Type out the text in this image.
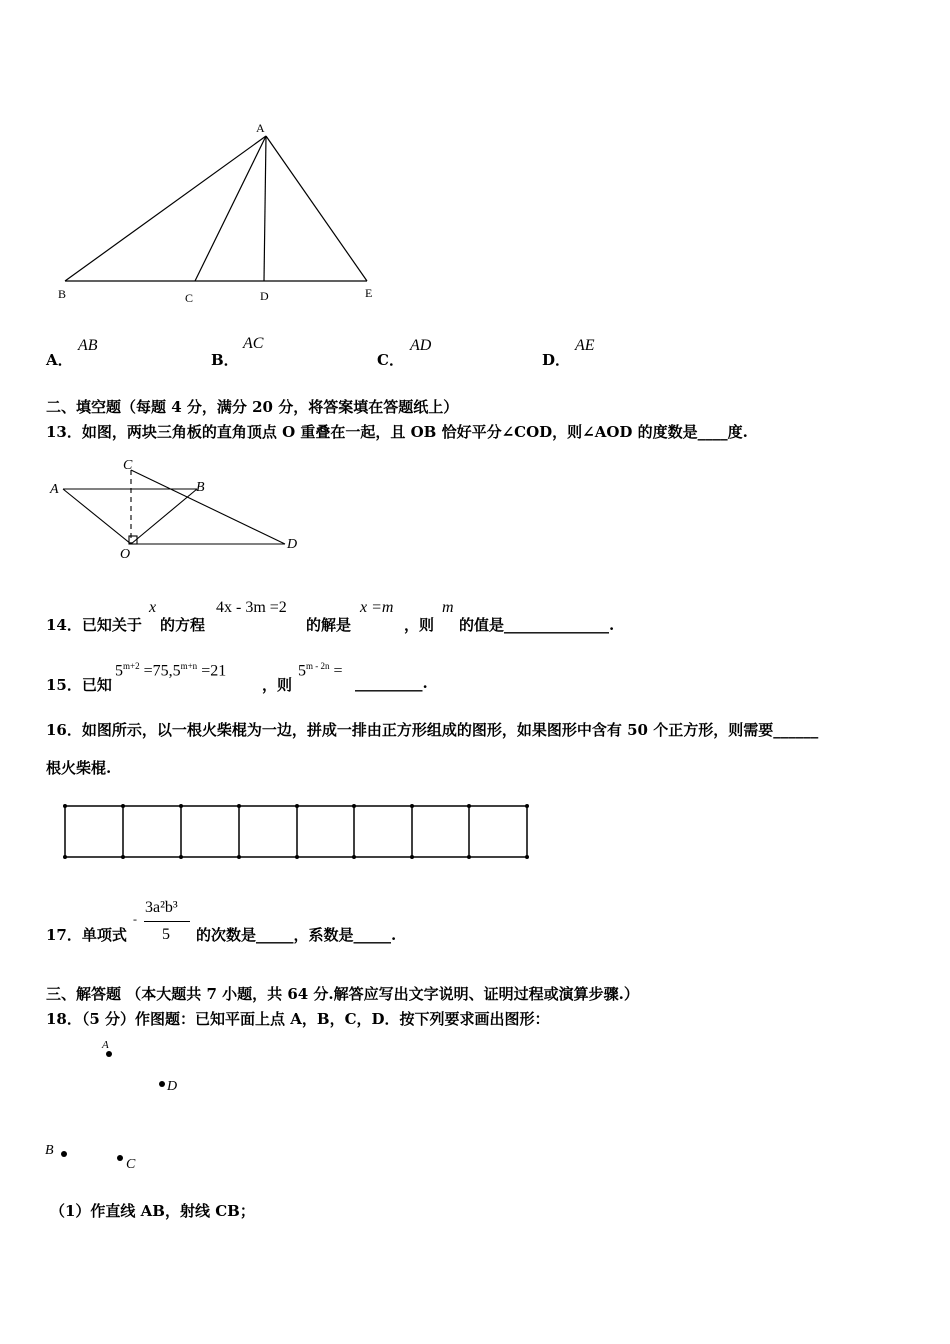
A
B	C	D	E
A．
AB
B．
AC
C．
AD
D．
AE
二、填空题（每题 4 分，满分 20 分，将答案填在答题纸上）
13．如图，两块三角板的直角顶点 O 重叠在一起，且 OB 恰好平分∠COD，则∠AOD 的度数是____度.
A	B
C
D
O
14．已知关于
x
的方程
4x - 3m =2
的解是
x =m
，则
m
的值是______________.
15．已知
$5^{m+2} =75,5^{m+n} =21$
，则
$5^{m - 2n}$ =
_________.
16．如图所示，以一根火柴棍为一边，拼成一排由正方形组成的图形，如果图形中含有 50 个正方形，则需要______
根火柴棍.
17．单项式
-
3a²b³
5 的次数是_____，系数是_____.
三、解答题 （本大题共 7 小题，共 64 分.解答应写出文字说明、证明过程或演算步骤.）
18．（5 分）作图题：已知平面上点 A，B，C，D．按下列要求画出图形：
A
D
B
C
（1）作直线 AB，射线 CB；
